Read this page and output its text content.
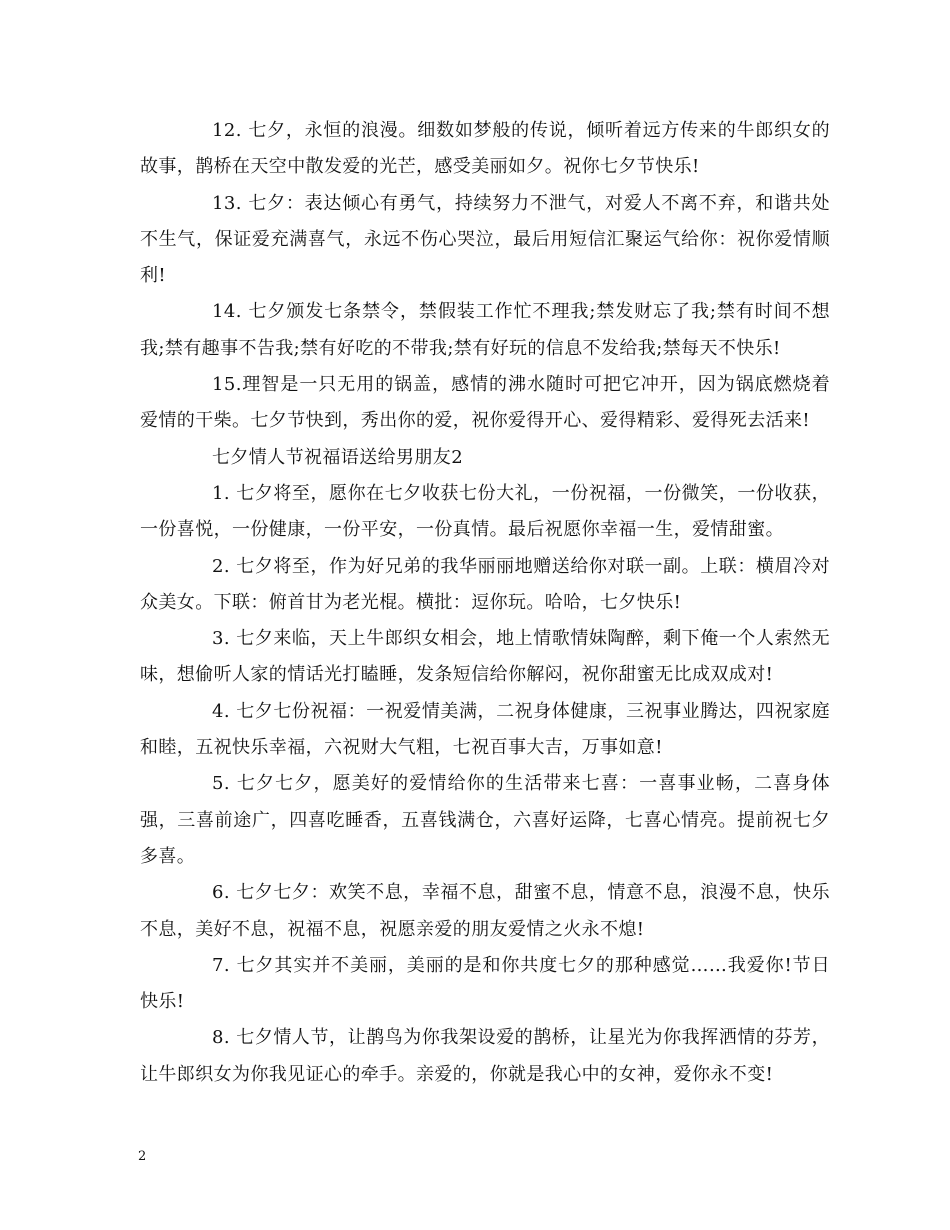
12. 七夕，永恒的浪漫。细数如梦般的传说，倾听着远方传来的牛郎织女的故事，鹊桥在天空中散发爱的光芒，感受美丽如夕。祝你七夕节快乐!

13. 七夕：表达倾心有勇气，持续努力不泄气，对爱人不离不弃，和谐共处不生气，保证爱充满喜气，永远不伤心哭泣，最后用短信汇聚运气给你：祝你爱情顺利!

14. 七夕颁发七条禁令，禁假装工作忙不理我;禁发财忘了我;禁有时间不想我;禁有趣事不告我;禁有好吃的不带我;禁有好玩的信息不发给我;禁每天不快乐!

15.理智是一只无用的锅盖，感情的沸水随时可把它冲开，因为锅底燃烧着爱情的干柴。七夕节快到，秀出你的爱，祝你爱得开心、爱得精彩、爱得死去活来!

七夕情人节祝福语送给男朋友2

1. 七夕将至，愿你在七夕收获七份大礼，一份祝福，一份微笑，一份收获，一份喜悦，一份健康，一份平安，一份真情。最后祝愿你幸福一生，爱情甜蜜。

2. 七夕将至，作为好兄弟的我华丽丽地赠送给你对联一副。上联：横眉冷对众美女。下联：俯首甘为老光棍。横批：逗你玩。哈哈，七夕快乐!

3. 七夕来临，天上牛郎织女相会，地上情歌情妹陶醉，剩下俺一个人索然无味，想偷听人家的情话光打瞌睡，发条短信给你解闷，祝你甜蜜无比成双成对!

4. 七夕七份祝福：一祝爱情美满，二祝身体健康，三祝事业腾达，四祝家庭和睦，五祝快乐幸福，六祝财大气粗，七祝百事大吉，万事如意!

5. 七夕七夕，愿美好的爱情给你的生活带来七喜：一喜事业畅，二喜身体强，三喜前途广，四喜吃睡香，五喜钱满仓，六喜好运降，七喜心情亮。提前祝七夕多喜。

6. 七夕七夕：欢笑不息，幸福不息，甜蜜不息，情意不息，浪漫不息，快乐不息，美好不息，祝福不息，祝愿亲爱的朋友爱情之火永不熄!

7. 七夕其实并不美丽，美丽的是和你共度七夕的那种感觉……我爱你!节日快乐!

8. 七夕情人节，让鹊鸟为你我架设爱的鹊桥，让星光为你我挥洒情的芬芳，让牛郎织女为你我见证心的牵手。亲爱的，你就是我心中的女神，爱你永不变!

2
